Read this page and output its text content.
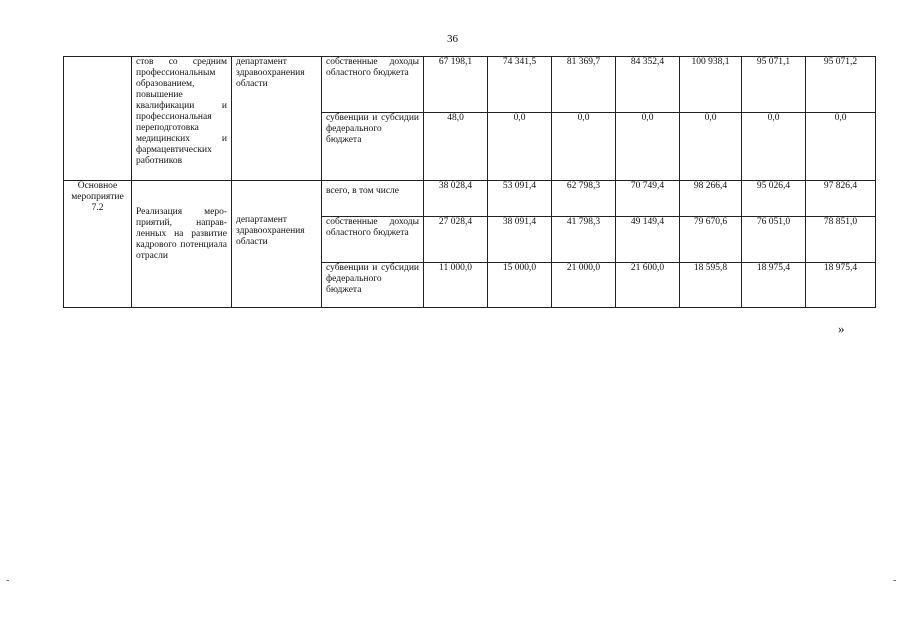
36
	стов со средним профессиональным образованием, повышение квалификации и профессиональная переподготовка медицинских и фармацевтических работников	департамент здравоохранения области	собственные доходы областного бюджета	67 198,1	74 341,5	81 369,7	84 352,4	100 938,1	95 071,1	95 071,2
			субвенции и субсидии федерального бюджета	48,0	0,0	0,0	0,0	0,0	0,0	0,0
Основное мероприятие 7.2	Реализация мероприятий, направленных на развитие кадрового потенциала отрасли	департамент здравоохранения области	всего, в том числе	38 028,4	53 091,4	62 798,3	70 749,4	98 266,4	95 026,4	97 826,4
			собственные доходы областного бюджета	27 028,4	38 091,4	41 798,3	49 149,4	79 670,6	76 051,0	78 851,0
			субвенции и субсидии федерального бюджета	11 000,0	15 000,0	21 000,0	21 600,0	18 595,8	18 975,4	18 975,4
»
-	-
